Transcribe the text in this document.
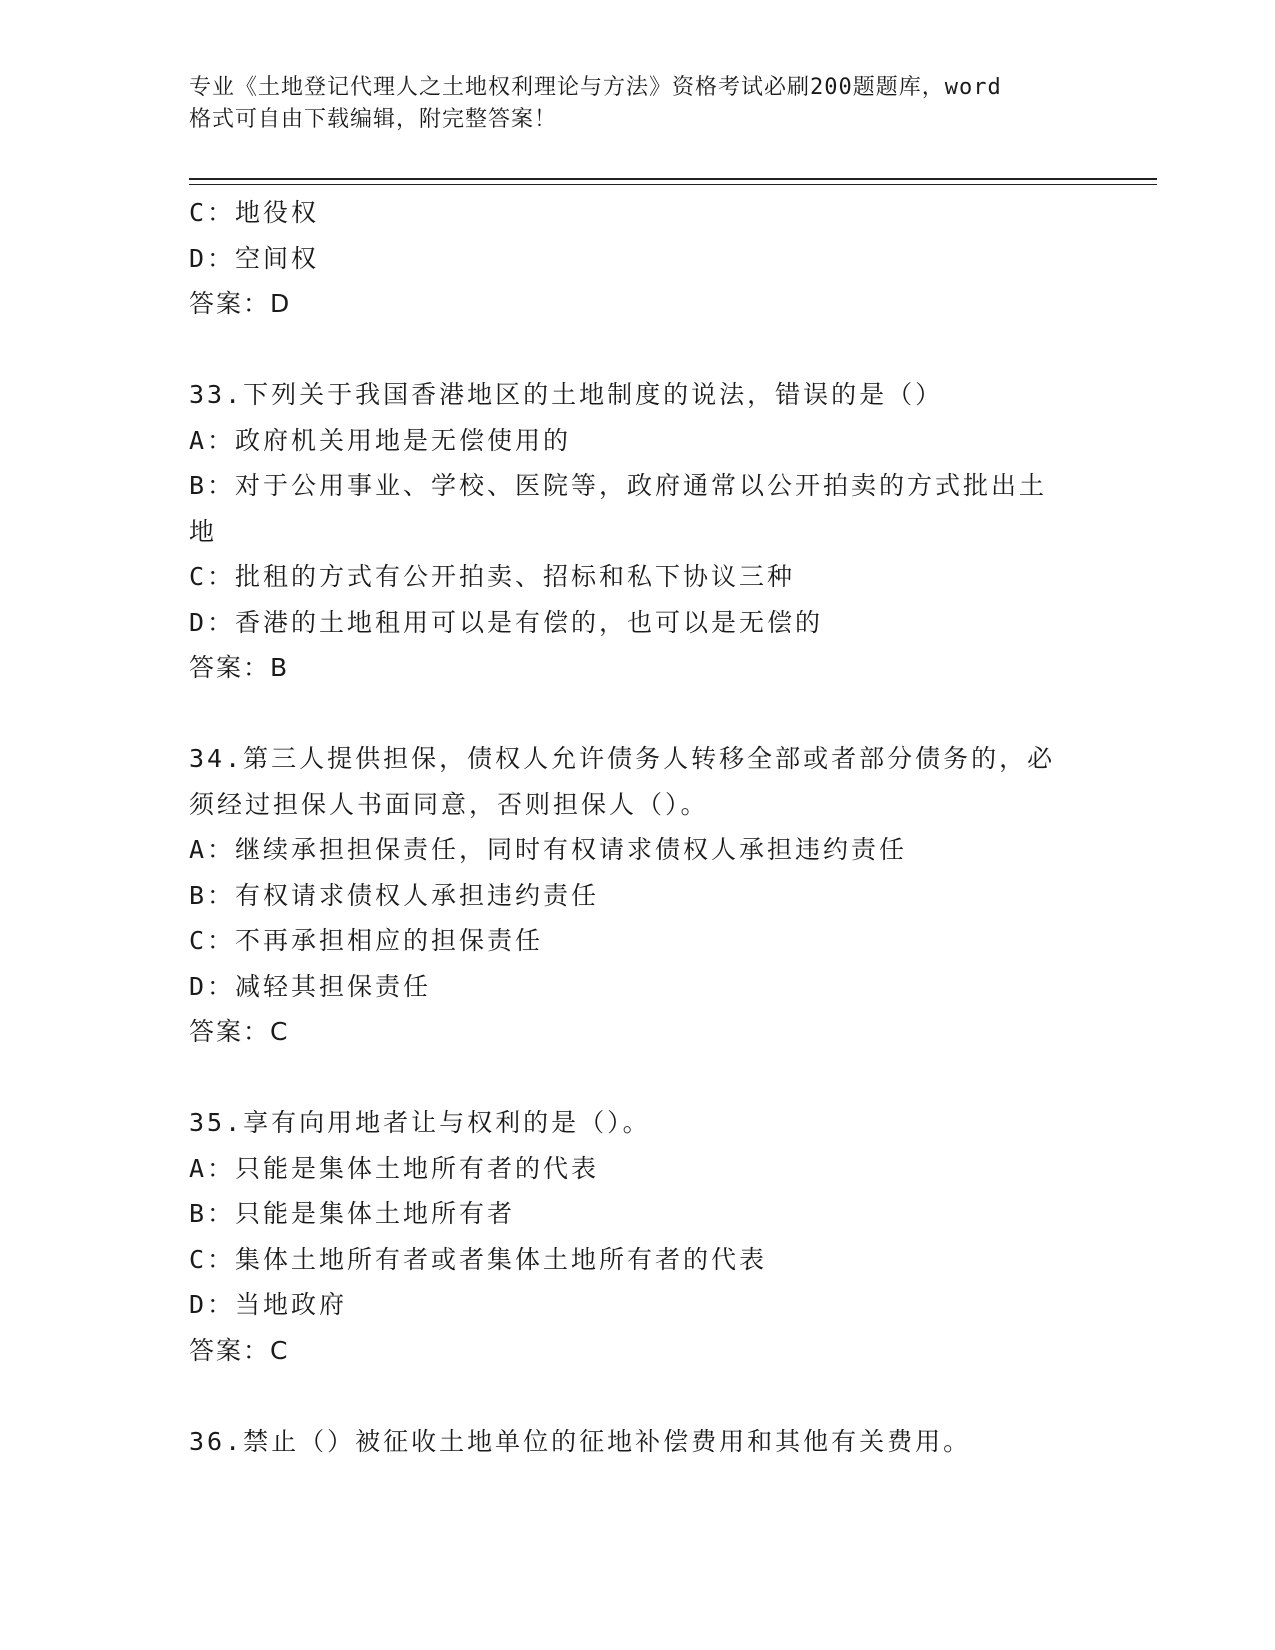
专业《土地登记代理人之土地权利理论与方法》资格考试必刷200题题库，word
格式可自由下载编辑，附完整答案！
C：地役权
D：空间权
答案：D
33.下列关于我国香港地区的土地制度的说法，错误的是（）
A：政府机关用地是无偿使用的
B：对于公用事业、学校、医院等，政府通常以公开拍卖的方式批出土
地
C：批租的方式有公开拍卖、招标和私下协议三种
D：香港的土地租用可以是有偿的，也可以是无偿的
答案：B
34.第三人提供担保，债权人允许债务人转移全部或者部分债务的，必
须经过担保人书面同意，否则担保人（）。
A：继续承担担保责任，同时有权请求债权人承担违约责任
B：有权请求债权人承担违约责任
C：不再承担相应的担保责任
D：减轻其担保责任
答案：C
35.享有向用地者让与权利的是（）。
A：只能是集体土地所有者的代表
B：只能是集体土地所有者
C：集体土地所有者或者集体土地所有者的代表
D：当地政府
答案：C
36.禁止（）被征收土地单位的征地补偿费用和其他有关费用。
